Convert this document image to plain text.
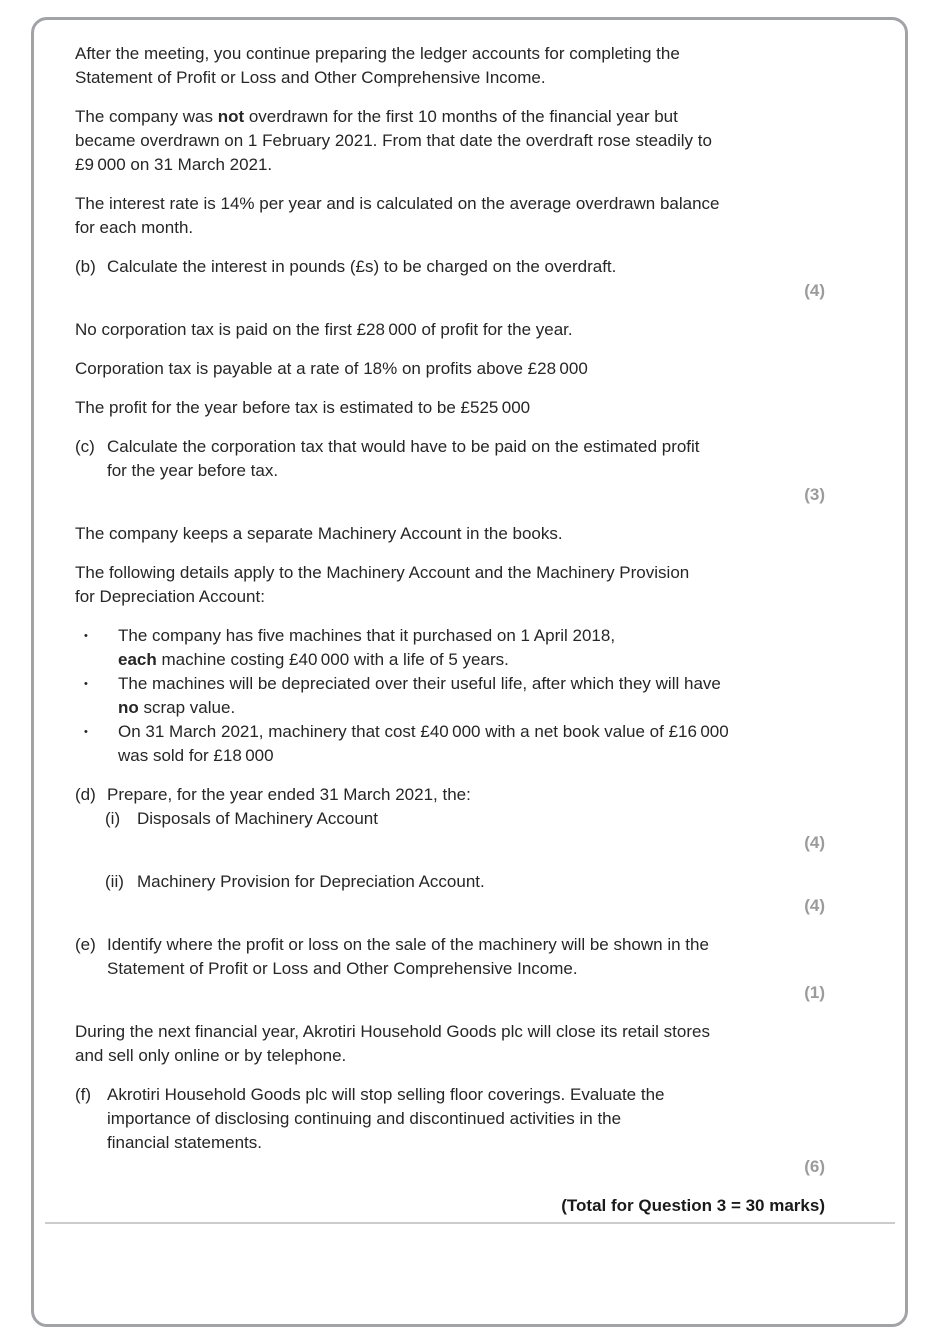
After the meeting, you continue preparing the ledger accounts for completing the
Statement of Profit or Loss and Other Comprehensive Income.

The company was not overdrawn for the first 10 months of the financial year but
became overdrawn on 1 February 2021. From that date the overdraft rose steadily to
£9 000 on 31 March 2021.

The interest rate is 14% per year and is calculated on the average overdrawn balance
for each month.

(b) Calculate the interest in pounds (£s) to be charged on the overdraft.
(4)

No corporation tax is paid on the first £28 000 of profit for the year.

Corporation tax is payable at a rate of 18% on profits above £28 000

The profit for the year before tax is estimated to be £525 000

(c) Calculate the corporation tax that would have to be paid on the estimated profit
for the year before tax.
(3)

The company keeps a separate Machinery Account in the books.

The following details apply to the Machinery Account and the Machinery Provision
for Depreciation Account:

• The company has five machines that it purchased on 1 April 2018,
each machine costing £40 000 with a life of 5 years.
• The machines will be depreciated over their useful life, after which they will have
no scrap value.
• On 31 March 2021, machinery that cost £40 000 with a net book value of £16 000
was sold for £18 000
(d) Prepare, for the year ended 31 March 2021, the:
(i) Disposals of Machinery Account
(4)
(ii) Machinery Provision for Depreciation Account.
(4)
(e) Identify where the profit or loss on the sale of the machinery will be shown in the
Statement of Profit or Loss and Other Comprehensive Income.
(1)

During the next financial year, Akrotiri Household Goods plc will close its retail stores
and sell only online or by telephone.

(f) Akrotiri Household Goods plc will stop selling floor coverings. Evaluate the
importance of disclosing continuing and discontinued activities in the
financial statements.
(6)

(Total for Question 3 = 30 marks)
